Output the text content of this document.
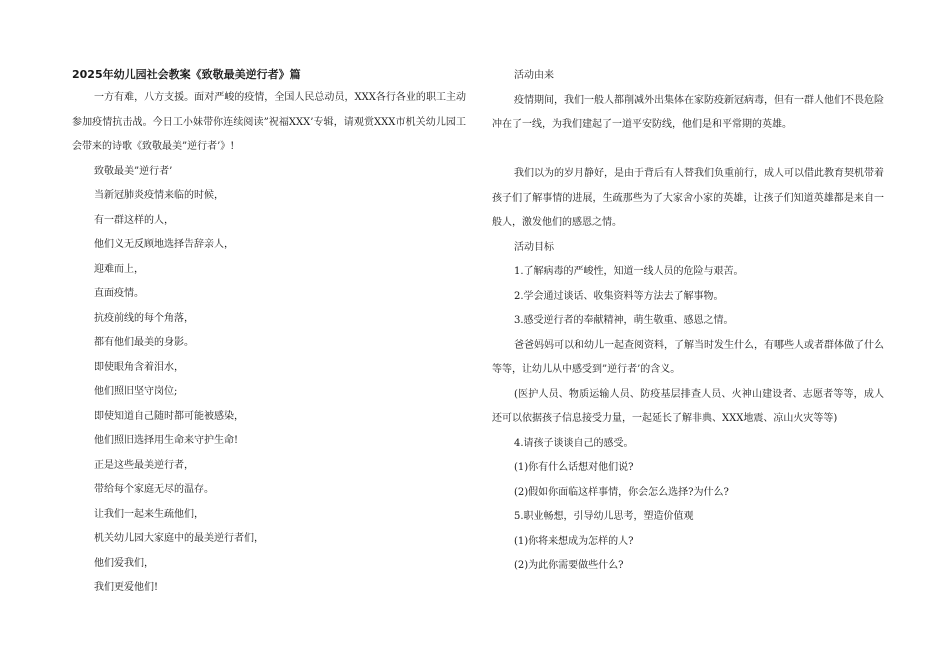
2025年幼儿园社会教案《致敬最美逆行者》篇

一方有难，八方支援。面对严峻的疫情，全国人民总动员，XXX各行各业的职工主动参加疫情抗击战。今日工小妹带你连续阅读”祝福XXX’专辑，请观赏XXX市机关幼儿园工会带来的诗歌《致敬最美”逆行者’》!

致敬最美”逆行者’
当新冠肺炎疫情来临的时候，
有一群这样的人，
他们义无反顾地选择告辞亲人，
迎难而上，
直面疫情。
抗疫前线的每个角落，
都有他们最美的身影。
即使眼角含着泪水，
他们照旧坚守岗位;
即使知道自己随时都可能被感染，
他们照旧选择用生命来守护生命!
正是这些最美逆行者，
带给每个家庭无尽的温存。
让我们一起来生疏他们，
机关幼儿园大家庭中的最美逆行者们，
他们爱我们，
我们更爱他们!

活动由来

疫情期间，我们一般人都削减外出集体在家防疫新冠病毒，但有一群人他们不畏危险冲在了一线，为我们建起了一道平安防线，他们是和平常期的英雄。

我们以为的岁月静好，是由于背后有人替我们负重前行，成人可以借此教育契机带着孩子们了解事情的进展，生疏那些为了大家舍小家的英雄，让孩子们知道英雄都是来自一般人，激发他们的感恩之情。

活动目标

1.了解病毒的严峻性，知道一线人员的危险与艰苦。

2.学会通过谈话、收集资料等方法去了解事物。

3.感受逆行者的奉献精神，萌生敬重、感恩之情。

爸爸妈妈可以和幼儿一起查阅资料，了解当时发生什么，有哪些人或者群体做了什么等等，让幼儿从中感受到”逆行者’的含义。

(医护人员、物质运输人员、防疫基层排查人员、火神山建设者、志愿者等等，成人还可以依据孩子信息接受力量，一起延长了解非典、XXX地震、凉山火灾等等)

4.请孩子谈谈自己的感受。

(1)你有什么话想对他们说?

(2)假如你面临这样事情，你会怎么选择?为什么?

5.职业畅想，引导幼儿思考，塑造价值观

(1)你将来想成为怎样的人?

(2)为此你需要做些什么?
